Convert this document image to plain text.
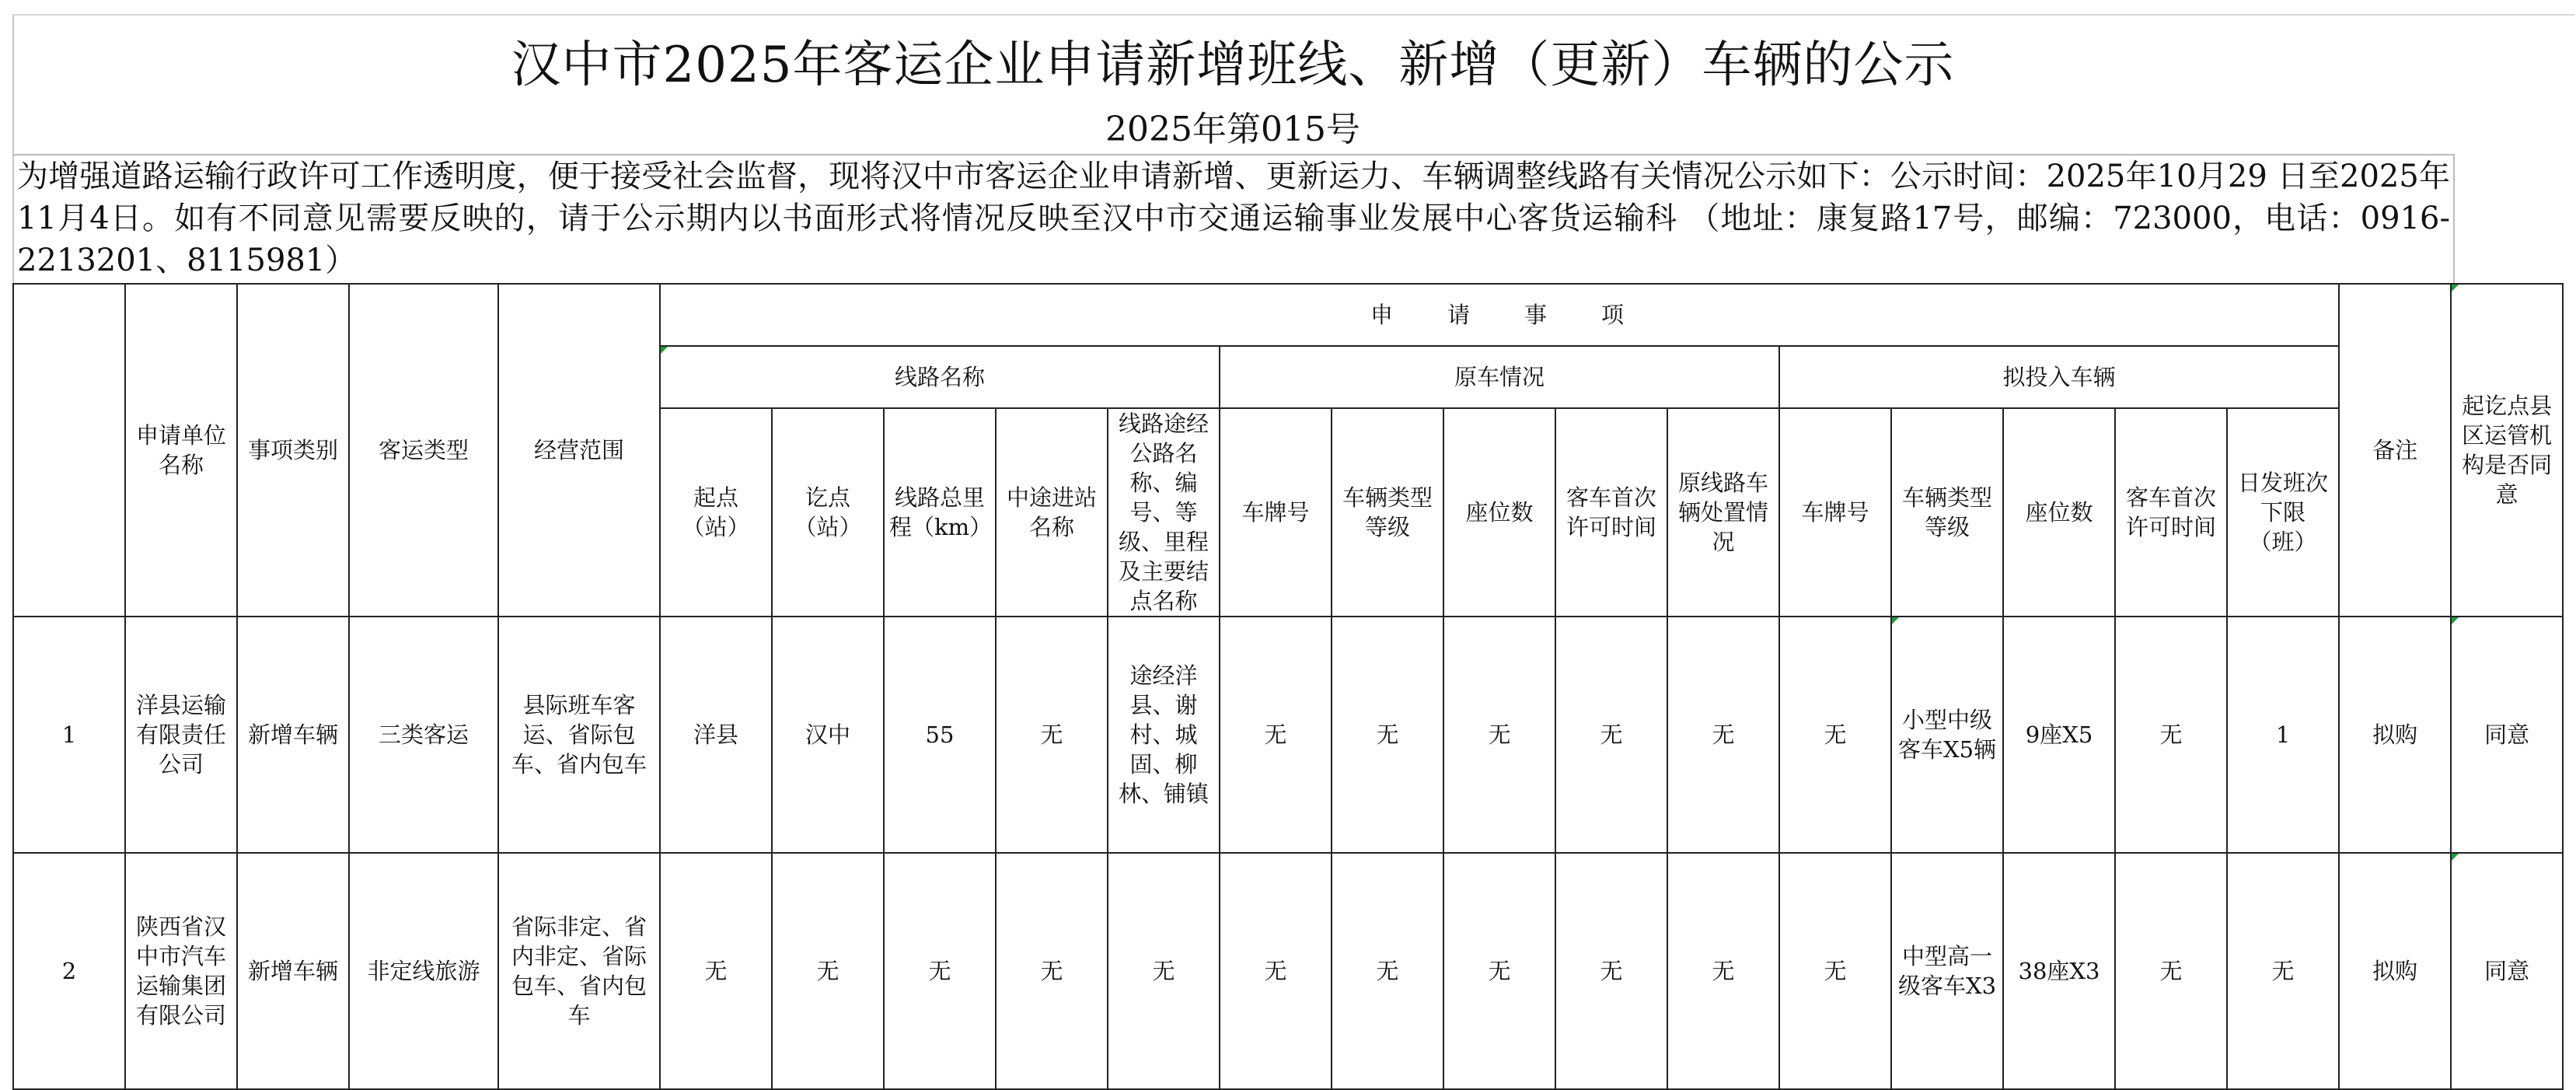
汉中市2025年客运企业申请新增班线、新增（更新）车辆的公示
2025年第015号
为增强道路运输行政许可工作透明度，便于接受社会监督，现将汉中市客运企业申请新增、更新运力、车辆调整线路有关情况公示如下：公示时间：2025年10月29 日至2025年11月4日。如有不同意见需要反映的，请于公示期内以书面形式将情况反映至汉中市交通运输事业发展中心客货运输科 （地址：康复路17号，邮编：723000，电话：0916-2213201、8115981）
	申请单位名称	事项类别	客运类型	经营范围	申请事项															备注	起讫点县区运管机构是否同意
					线路名称					原车情况					拟投入车辆						
					起点（站）	讫点（站）	线路总里程（km）	中途进站名称	线路途经公路名称、编号、等级、里程及主要结点名称	车牌号	车辆类型等级	座位数	客车首次许可时间	原线路车辆处置情况	车牌号	车辆类型等级	座位数	客车首次许可时间	日发班次下限（班）		
1	洋县运输有限责任公司	新增车辆	三类客运	县际班车客运、省际包车、省内包车	洋县	汉中	55	无	途经洋县、谢村、城固、柳林、铺镇	无	无	无	无	无	无	小型中级客车X5辆	9座X5	无	1	拟购	同意
2	陕西省汉中市汽车运输集团有限公司	新增车辆	非定线旅游	省际非定、省内非定、省际包车、省内包车	无	无	无	无	无	无	无	无	无	无	无	中型高一级客车X3	38座X3	无	无	拟购	同意
